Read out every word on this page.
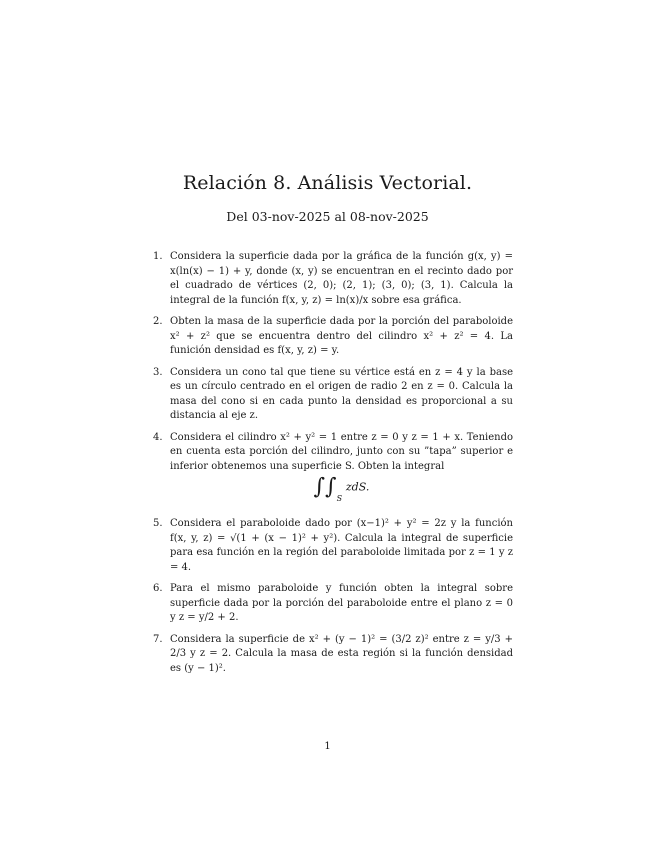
Relación 8. Análisis Vectorial.
Del 03-nov-2025 al 08-nov-2025
1. Considera la superficie dada por la gráfica de la función g(x, y) = x(ln(x) − 1) + y, donde (x, y) se encuentran en el recinto dado por el cuadrado de vértices (2, 0); (2, 1); (3, 0); (3, 1). Calcula la integral de la función f(x, y, z) = ln(x)/x sobre esa gráfica.
2. Obten la masa de la superficie dada por la porción del paraboloide x² + z² que se encuentra dentro del cilindro x² + z² = 4. La funición densidad es f(x, y, z) = y.
3. Considera un cono tal que tiene su vértice está en z = 4 y la base es un círculo centrado en el origen de radio 2 en z = 0. Calcula la masa del cono si en cada punto la densidad es proporcional a su distancia al eje z.
4. Considera el cilindro x² + y² = 1 entre z = 0 y z = 1 + x. Teniendo en cuenta esta porción del cilindro, junto con su ”tapa” superior e inferior obtenemos una superficie S. Obten la integral
$\int\int_S$ zdS.
5. Considera el paraboloide dado por (x−1)² + y² = 2z y la función f(x, y, z) = √(1 + (x − 1)² + y²). Calcula la integral de superficie para esa función en la región del paraboloide limitada por z = 1 y z = 4.
6. Para el mismo paraboloide y función obten la integral sobre superficie dada por la porción del paraboloide entre el plano z = 0 y z = y/2 + 2.
7. Considera la superficie de x² + (y − 1)² = (3/2 z)² entre z = y/3 + 2/3 y z = 2. Calcula la masa de esta región si la función densidad es (y − 1)².
1
